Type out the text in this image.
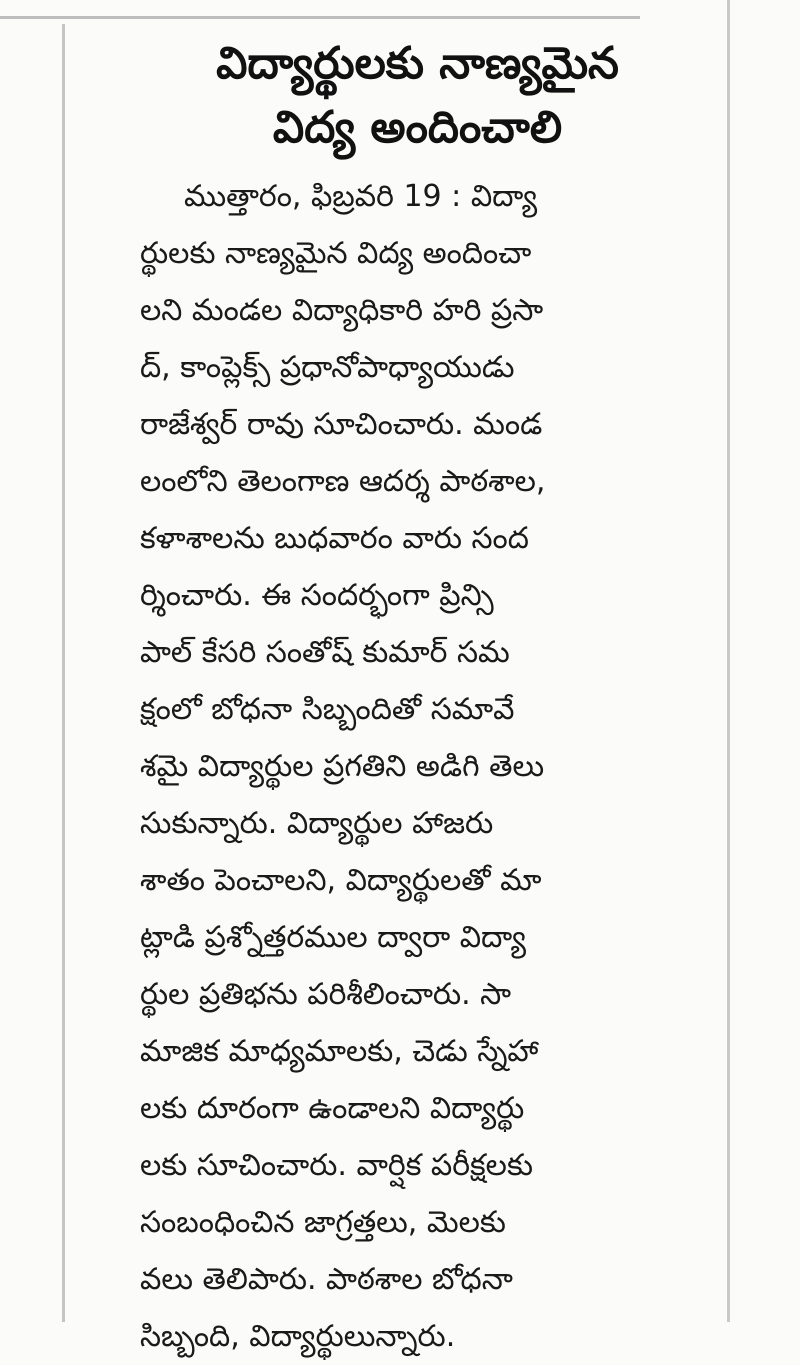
విద్యార్థులకు నాణ్యమైన
విద్య అందించాలి
ముత్తారం, ఫిబ్రవరి 19 : విద్యా
ర్థులకు నాణ్యమైన విద్య అందించా
లని మండల విద్యాధికారి హరి ప్రసా
ద్, కాంప్లెక్స్ ప్రధానోపాధ్యాయుడు
రాజేశ్వర్ రావు సూచించారు. మండ
లంలోని తెలంగాణ ఆదర్శ పాఠశాల,
కళాశాలను బుధవారం వారు సంద
ర్శించారు. ఈ సందర్భంగా ప్రిన్సి
పాల్ కేసరి సంతోష్ కుమార్ సమ
క్షంలో బోధనా సిబ్బందితో సమావే
శమై విద్యార్థుల ప్రగతిని అడిగి తెలు
సుకున్నారు. విద్యార్థుల హాజరు
శాతం పెంచాలని, విద్యార్థులతో మా
ట్లాడి ప్రశ్నోత్తరముల ద్వారా విద్యా
ర్థుల ప్రతిభను పరిశీలించారు. సా
మాజిక మాధ్యమాలకు, చెడు స్నేహా
లకు దూరంగా ఉండాలని విద్యార్థు
లకు సూచించారు. వార్షిక పరీక్షలకు
సంబంధించిన జాగ్రత్తలు, మెలకు
వలు తెలిపారు. పాఠశాల బోధనా
సిబ్బంది, విద్యార్థులున్నారు.
